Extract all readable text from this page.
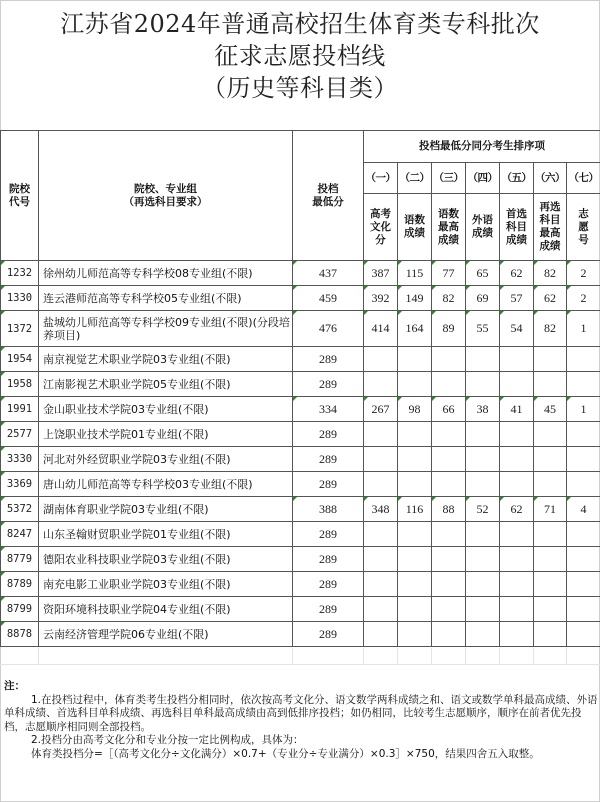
江苏省2024年普通高校招生体育类专科批次
征求志愿投档线
（历史等科目类）
院校代号	
院校、专业组
（再选科目要求）

投档
最低分
	投档最低分同分考生排序项
			（一）	（二）	（三）	（四）	（五）	（六）	（七）
			高考文化分	语数成绩	语数最高成绩	外语成绩	首选科目成绩	再选科目最高成绩	志愿号
1232	徐州幼儿师范高等专科学校08专业组(不限)	437	387	115	77	65	62	82	2
1330	连云港师范高等专科学校05专业组(不限)	459	392	149	82	69	57	62	2
1372	盐城幼儿师范高等专科学校09专业组(不限)(分段培养项目)	476	414	164	89	55	54	82	1
1954	南京视觉艺术职业学院03专业组(不限)	289							
1958	江南影视艺术职业学院05专业组(不限)	289							
1991	金山职业技术学院03专业组(不限)	334	267	98	66	38	41	45	1
2577	上饶职业技术学院01专业组(不限)	289							
3330	河北对外经贸职业学院03专业组(不限)	289							
3369	唐山幼儿师范高等专科学校03专业组(不限)	289							
5372	湖南体育职业学院03专业组(不限)	388	348	116	88	52	62	71	4
8247	山东圣翰财贸职业学院01专业组(不限)	289							
8779	德阳农业科技职业学院03专业组(不限)	289							
8789	南充电影工业职业学院03专业组(不限)	289							
8799	资阳环境科技职业学院04专业组(不限)	289							
8878	云南经济管理学院06专业组(不限)	289							

注：

1.在投档过程中，体育类考生投档分相同时，依次按高考文化分、语文数学两科成绩之和、语文或数学单科最高成绩、外语单科成绩、首选科目单科成绩、再选科目单科最高成绩由高到低排序投档；如仍相同，比较考生志愿顺序，顺序在前者优先投档，志愿顺序相同则全部投档。

2.投档分由高考文化分和专业分按一定比例构成，具体为：

体育类投档分=［（高考文化分÷文化满分）×0.7+（专业分÷专业满分）×0.3］×750，结果四舍五入取整。
